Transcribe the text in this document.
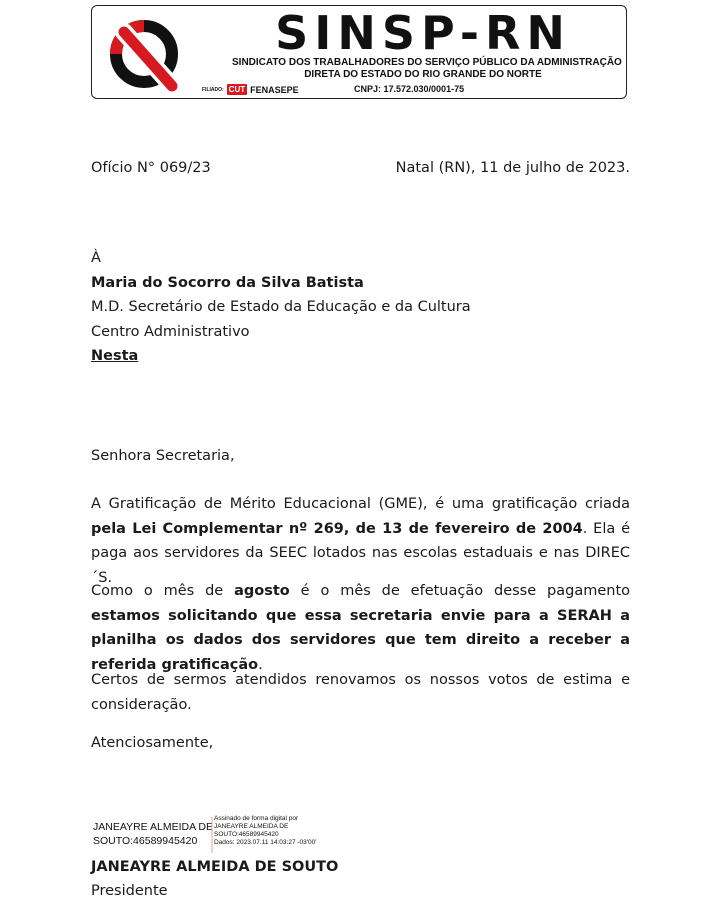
SINSP-RN
SINDICATO DOS TRABALHADORES DO SERVIÇO PÚBLICO DA ADMINISTRAÇÃO
DIRETA DO ESTADO DO RIO GRANDE DO NORTE
FILIADO: CUT FENASEPE	CNPJ: 17.572.030/0001-75
Ofício N° 069/23	Natal (RN), 11 de julho de 2023.
À
Maria do Socorro da Silva Batista
M.D. Secretário de Estado da Educação e da Cultura
Centro Administrativo
Nesta
Senhora Secretaria,
A Gratificação de Mérito Educacional (GME), é uma gratificação criada pela Lei Complementar nº 269, de 13 de fevereiro de 2004. Ela é paga aos servidores da SEEC lotados nas escolas estaduais e nas DIREC´S.
Como o mês de agosto é o mês de efetuação desse pagamento estamos solicitando que essa secretaria envie para a SERAH a planilha os dados dos servidores que tem direito a receber a referida gratificação.
Certos de sermos atendidos renovamos os nossos votos de estima e consideração.
Atenciosamente,
JANEAYRE ALMEIDA DE
SOUTO:46589945420
Assinado de forma digital por
JANEAYRE ALMEIDA DE
SOUTO:46589945420
Dados: 2023.07.11 14:03:27 -03'00'
JANEAYRE ALMEIDA DE SOUTO
Presidente
